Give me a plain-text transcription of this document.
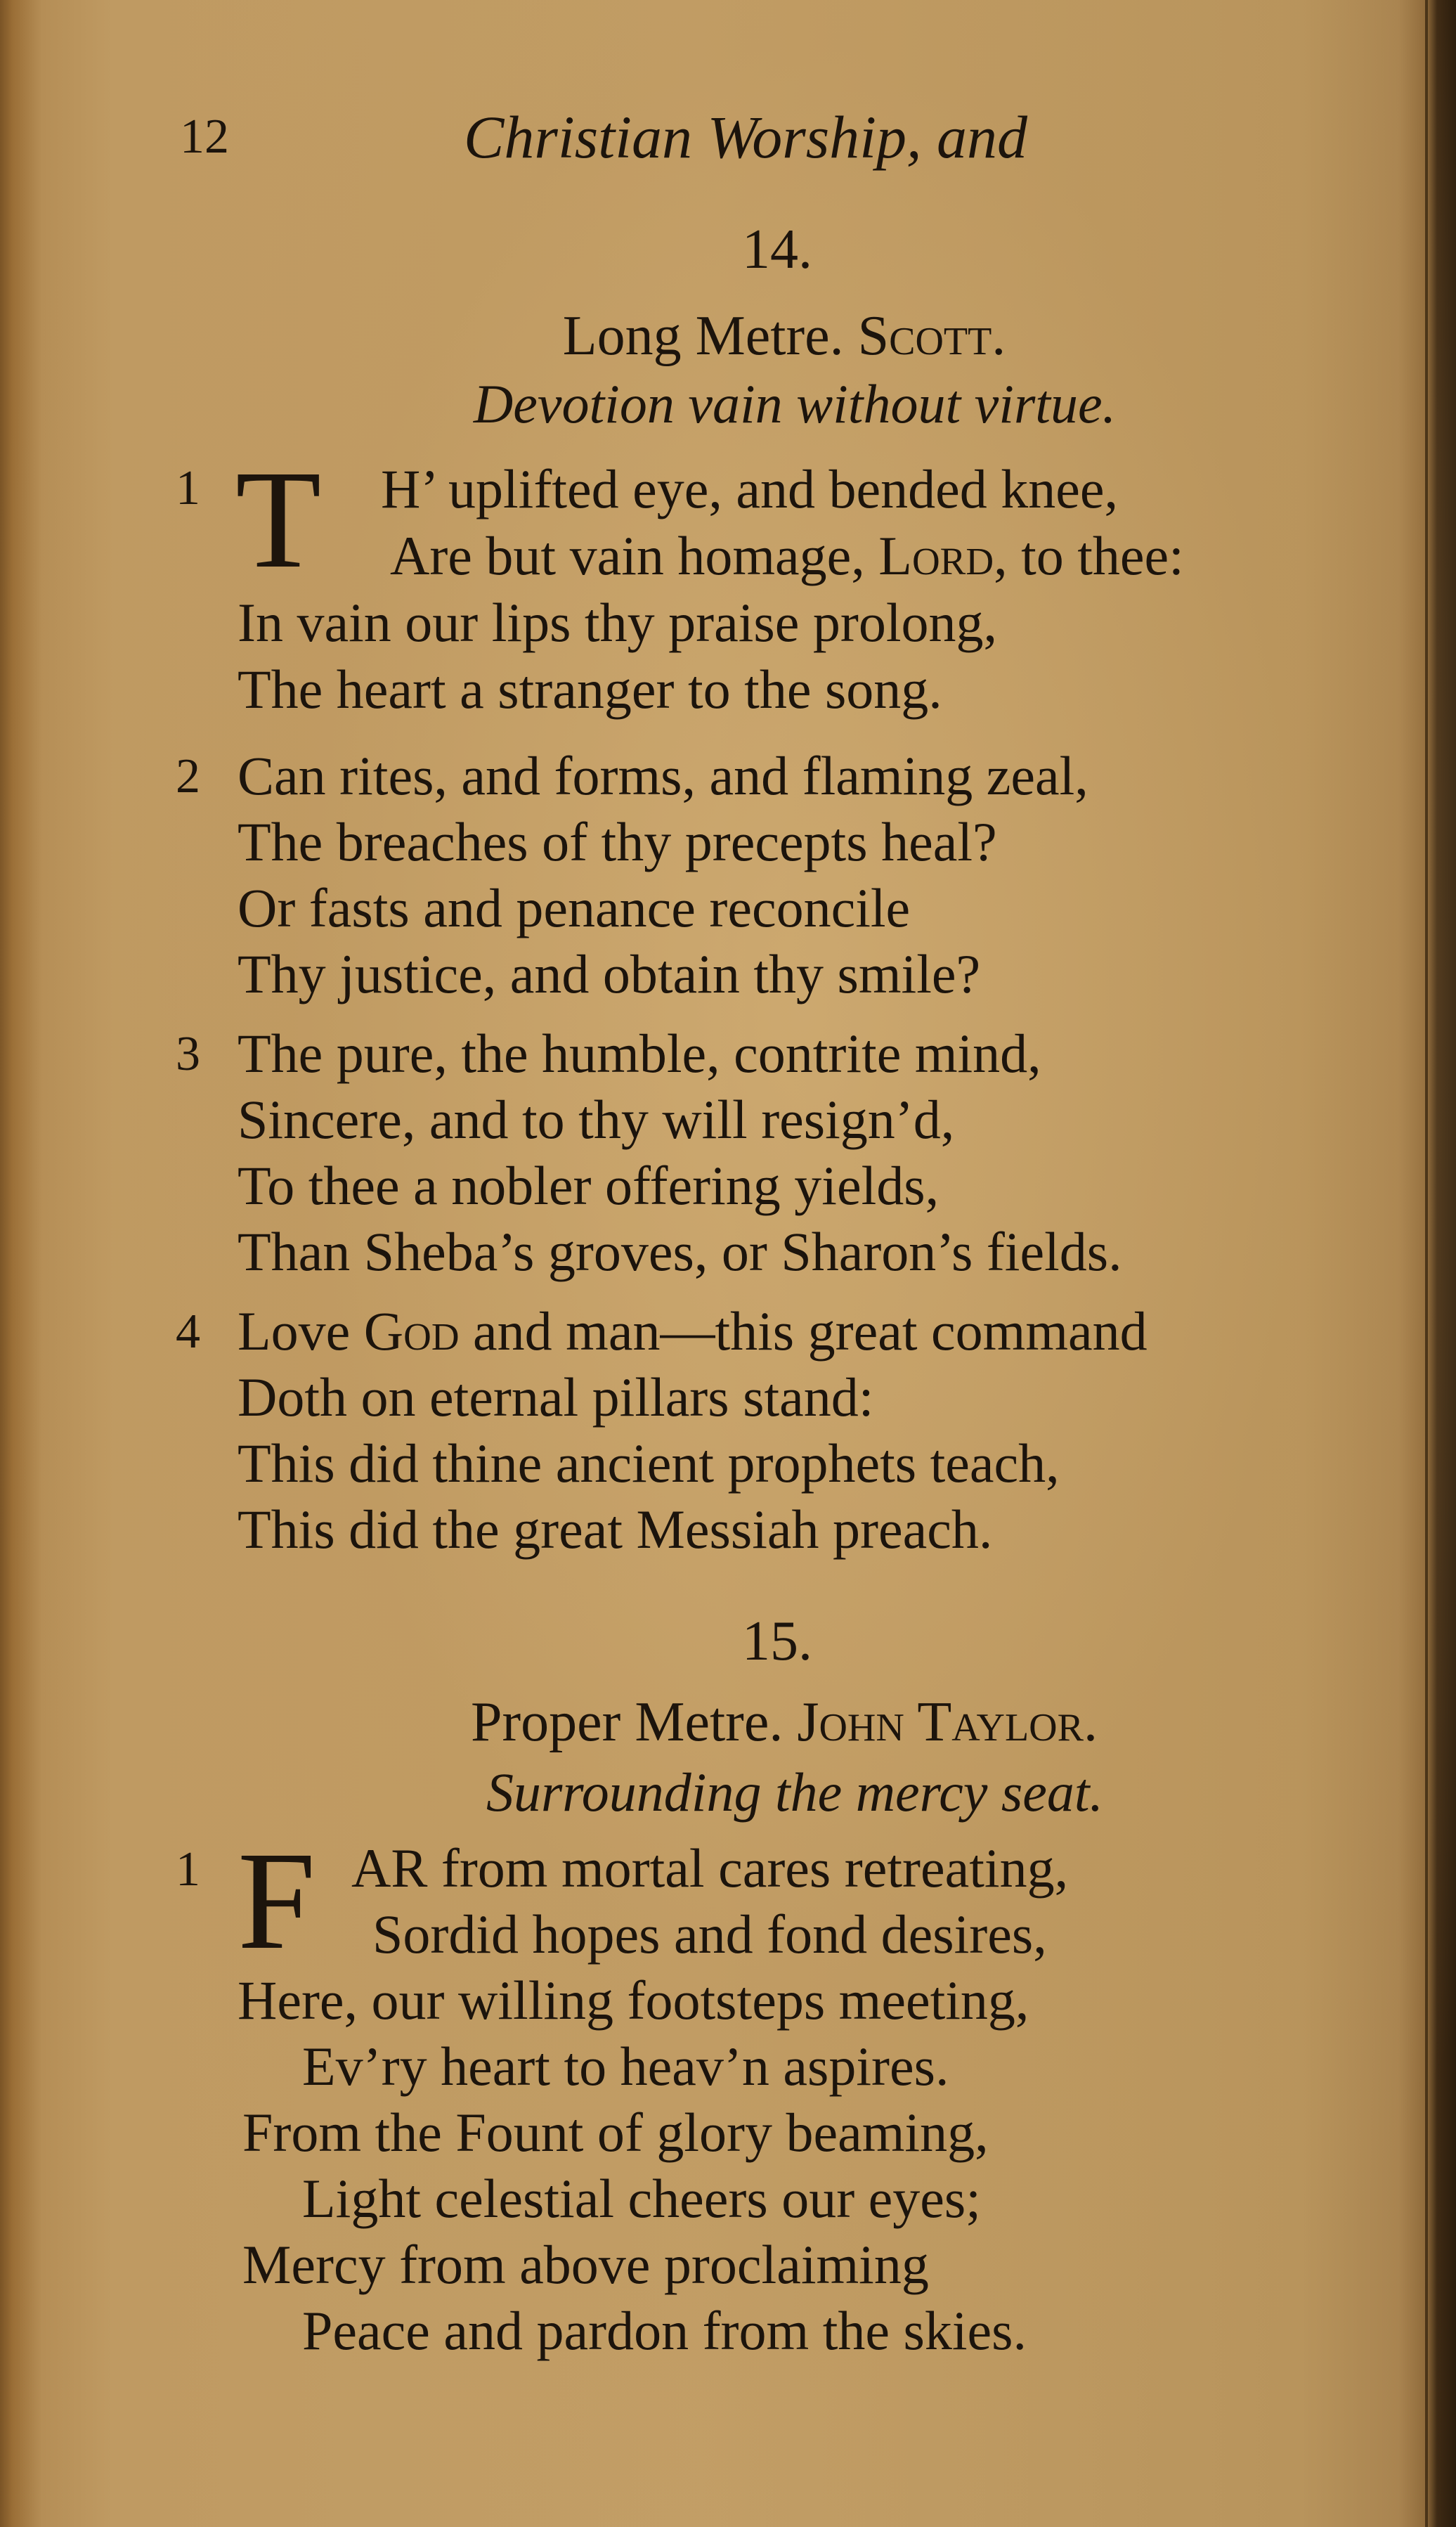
12	Christian Worship, and
14.
Long Metre. Scott.
Devotion vain without virtue.
1 T H’ uplifted eye, and bended knee,
Are but vain homage, Lord, to thee:
In vain our lips thy praise prolong,
The heart a stranger to the song.
2 Can rites, and forms, and flaming zeal,
The breaches of thy precepts heal?
Or fasts and penance reconcile
Thy justice, and obtain thy smile?
3 The pure, the humble, contrite mind,
Sincere, and to thy will resign’d,
To thee a nobler offering yields,
Than Sheba’s groves, or Sharon’s fields.
4 Love God and man—this great command
Doth on eternal pillars stand:
This did thine ancient prophets teach,
This did the great Messiah preach.
15.
Proper Metre. John Taylor.
Surrounding the mercy seat.
1 F AR from mortal cares retreating,
Sordid hopes and fond desires,
Here, our willing footsteps meeting,
Ev’ry heart to heav’n aspires.
From the Fount of glory beaming,
Light celestial cheers our eyes;
Mercy from above proclaiming
Peace and pardon from the skies.
